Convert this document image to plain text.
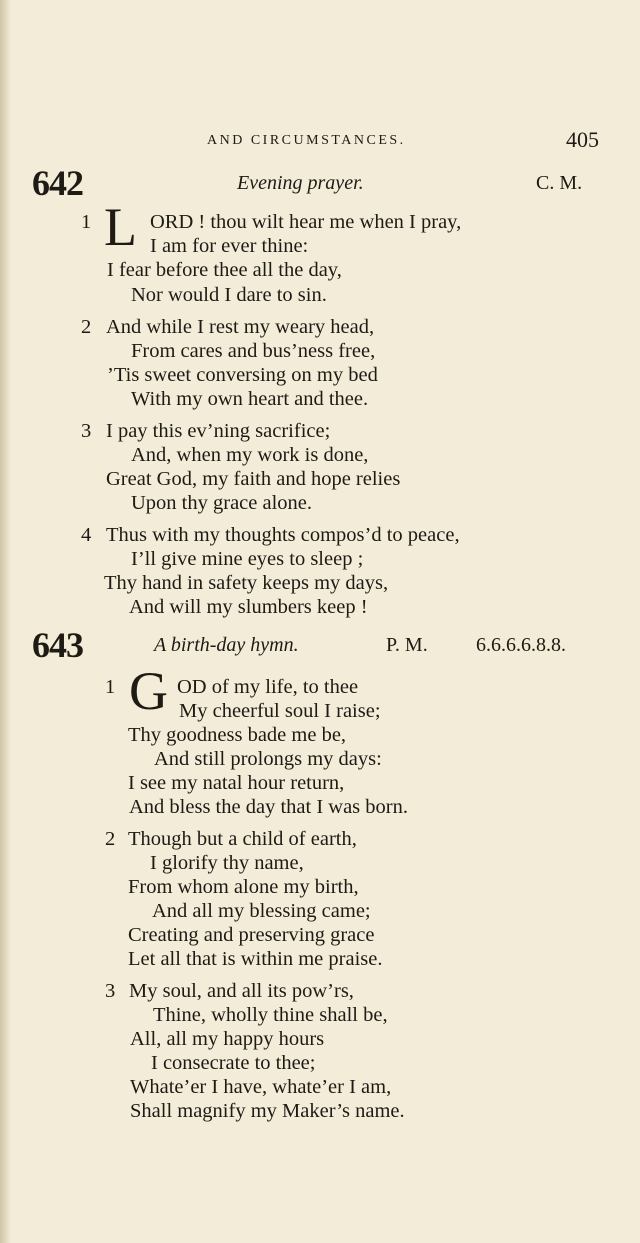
AND CIRCUMSTANCES.	405
642	Evening prayer.	C. M.
1 L ORD ! thou wilt hear me when I pray,
I am for ever thine:
I fear before thee all the day,
Nor would I dare to sin.
2 And while I rest my weary head,
From cares and bus’ness free,
’Tis sweet conversing on my bed
With my own heart and thee.
3 I pay this ev’ning sacrifice;
And, when my work is done,
Great God, my faith and hope relies
Upon thy grace alone.
4 Thus with my thoughts compos’d to peace,
I’ll give mine eyes to sleep ;
Thy hand in safety keeps my days,
And will my slumbers keep !
643	A birth-day hymn.	P. M. 6.6.6.6.8.8.
1 G OD of my life, to thee
My cheerful soul I raise;
Thy goodness bade me be,
And still prolongs my days:
I see my natal hour return,
And bless the day that I was born.
2 Though but a child of earth,
I glorify thy name,
From whom alone my birth,
And all my blessing came;
Creating and preserving grace
Let all that is within me praise.
3 My soul, and all its pow’rs,
Thine, wholly thine shall be,
All, all my happy hours
I consecrate to thee;
Whate’er I have, whate’er I am,
Shall magnify my Maker’s name.
